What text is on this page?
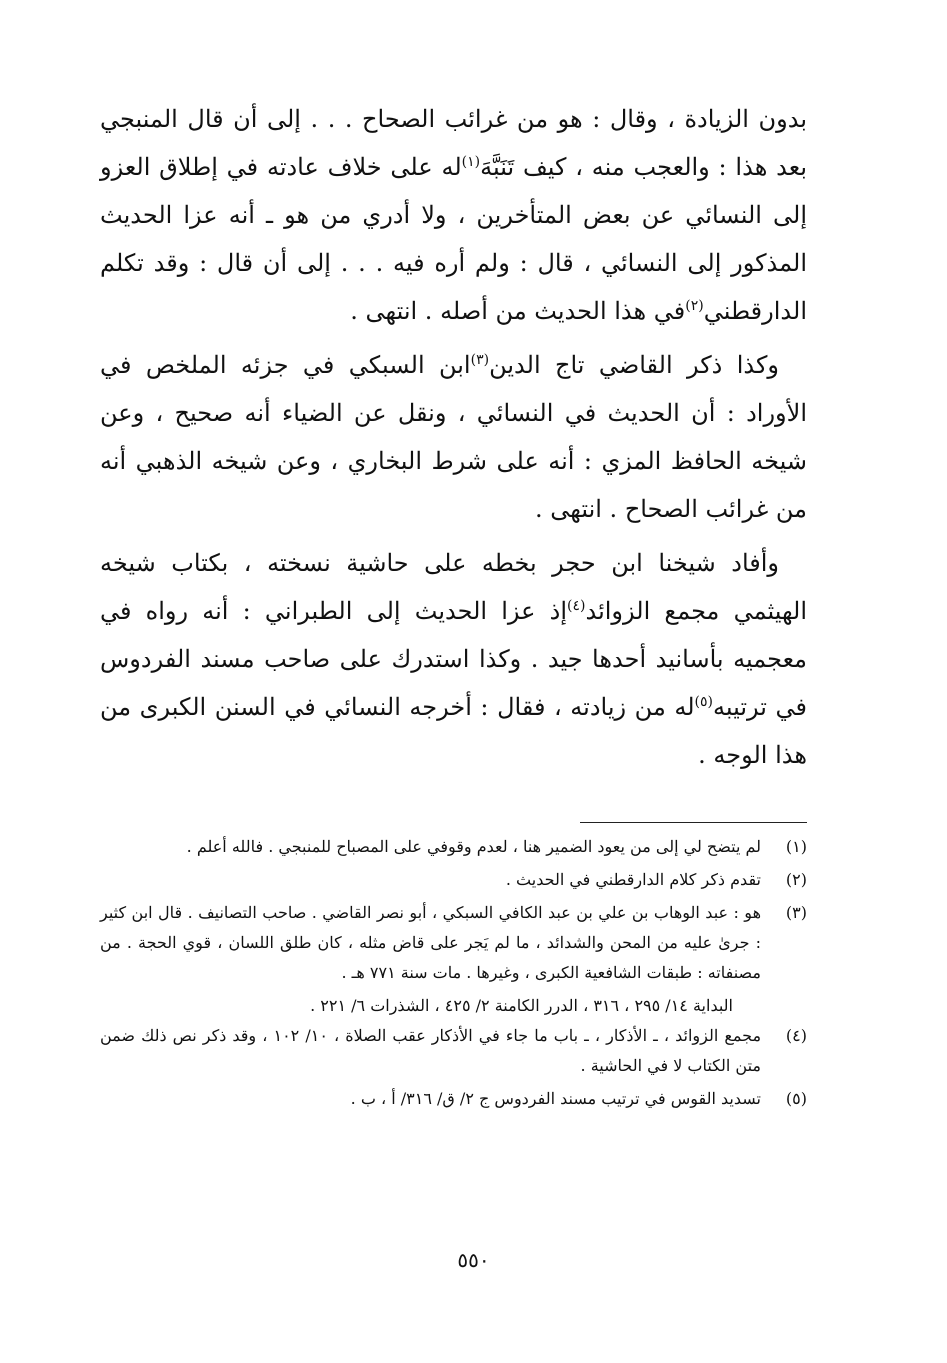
بدون الزيادة ، وقال : هو من غرائب الصحاح . . . إلى أن قال المنبجي بعد هذا : والعجب منه ، كيف تَنَبَّهَ$^{(١)}$له على خلاف عادته في إطلاق العزو إلى النسائي عن بعض المتأخرين ، ولا أدري من هو ـ أنه عزا الحديث المذكور إلى النسائي ، قال : ولم أره فيه . . . إلى أن قال : وقد تكلم الدارقطني$^{(٢)}$في هذا الحديث من أصله . انتهى .

وكذا ذكر القاضي تاج الدين$^{(٣)}$ابن السبكي في جزئه الملخص في الأوراد : أن الحديث في النسائي ، ونقل عن الضياء أنه صحيح ، وعن شيخه الحافظ المزي : أنه على شرط البخاري ، وعن شيخه الذهبي أنه من غرائب الصحاح . انتهى .

وأفاد شيخنا ابن حجر بخطه على حاشية نسخته ، بكتاب شيخه الهيثمي مجمع الزوائد$^{(٤)}$إذ عزا الحديث إلى الطبراني : أنه رواه في معجميه بأسانيد أحدها جيد . وكذا استدرك على صاحب مسند الفردوس في ترتيبه$^{(٥)}$له من زيادته ، فقال : أخرجه النسائي في السنن الكبرى من هذا الوجه .

(١)
لم يتضح لي إلى من يعود الضمير هنا ، لعدم وقوفي على المصباح للمنبجي . فالله أعلم .
(٢)
تقدم ذكر كلام الدارقطني في الحديث .
(٣)
هو : عبد الوهاب بن علي بن عبد الكافي السبكي ، أبو نصر القاضي . صاحب التصانيف . قال ابن كثير : جرىٰ عليه من المحن والشدائد ، ما لم يَجر على قاض مثله ، كان طلق اللسان ، قوي الحجة . من مصنفاته : طبقات الشافعية الكبرى ، وغيرها . مات سنة ٧٧١ هـ .
البداية ١٤/ ٢٩٥ ، ٣١٦ ، الدرر الكامنة ٢/ ٤٢٥ ، الشذرات ٦/ ٢٢١ .
(٤)
مجمع الزوائد ، ـ الأذكار ، ـ باب ما جاء في الأذكار عقب الصلاة ، ١٠/ ١٠٢ ، وقد ذكر نص ذلك ضمن متن الكتاب لا في الحاشية .
(٥)
تسديد القوس في ترتيب مسند الفردوس ج ٢/ ق/ ٣١٦/ أ ، ب .
٥٥٠
